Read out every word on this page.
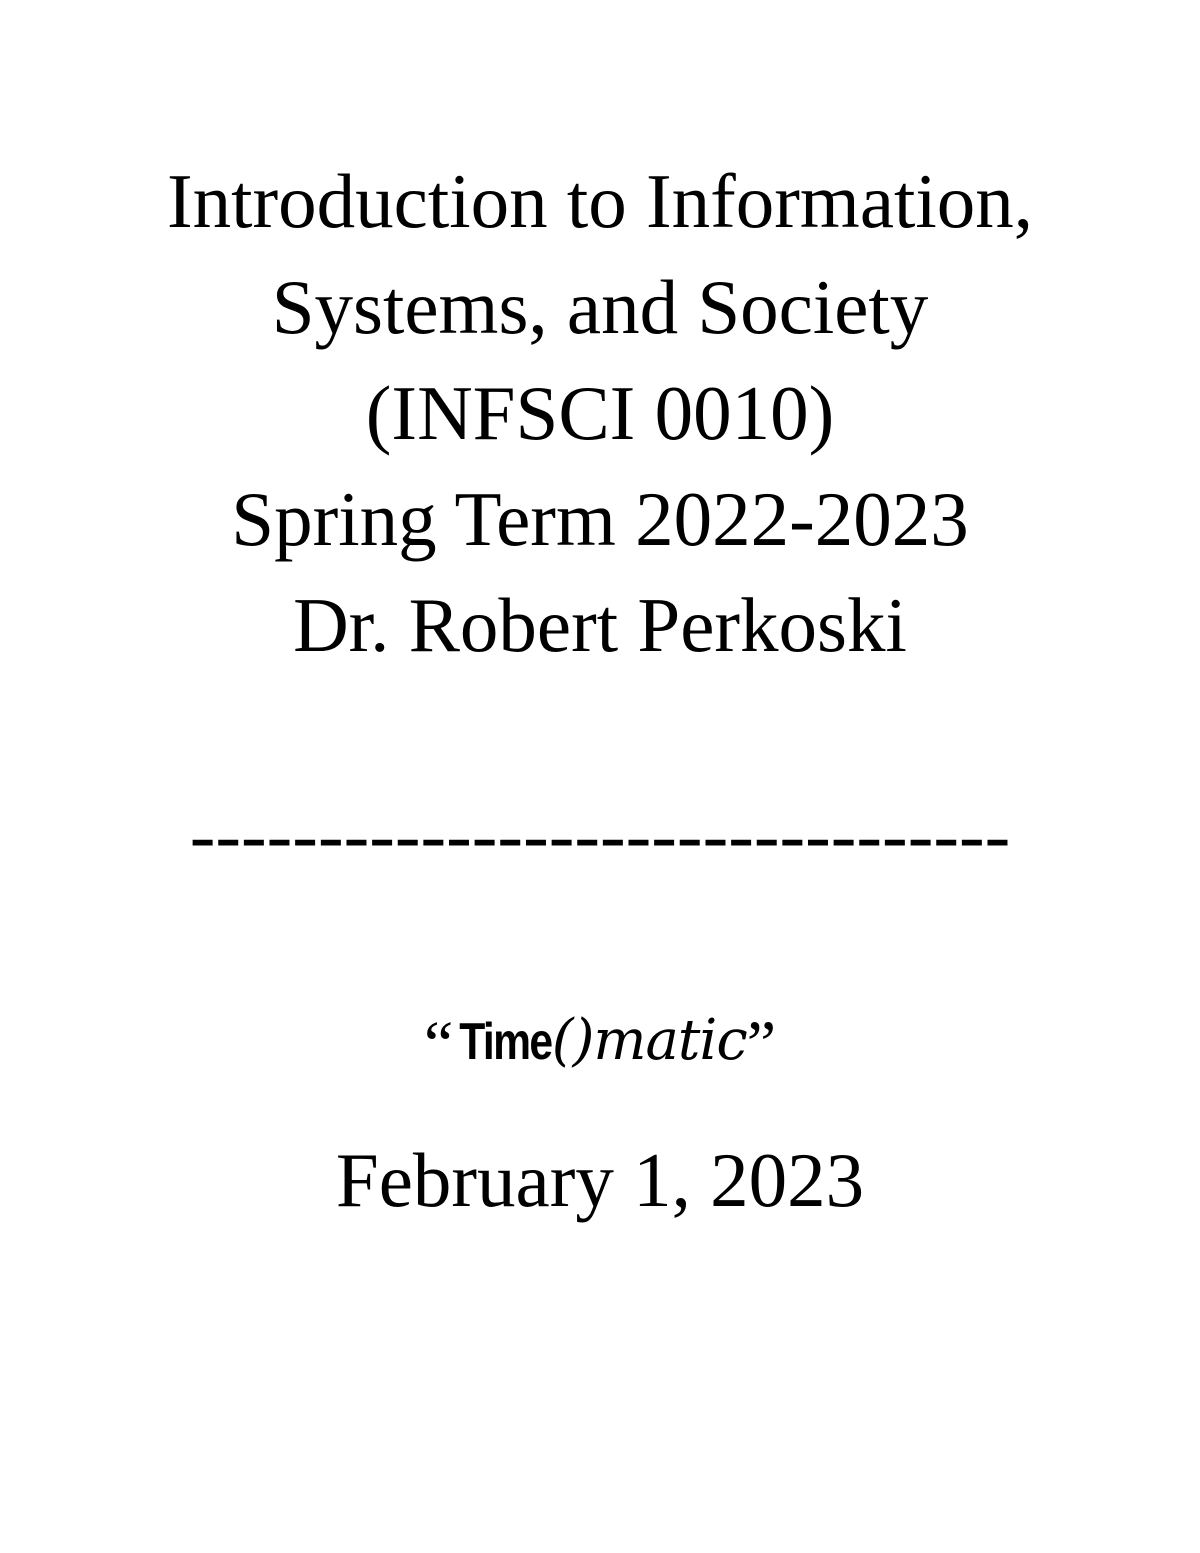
Introduction to Information,
Systems, and Society
(INFSCI 0010)
Spring Term 2022-2023
Dr. Robert Perkoski
--------------------------------
“ Time()matic”
February 1, 2023
